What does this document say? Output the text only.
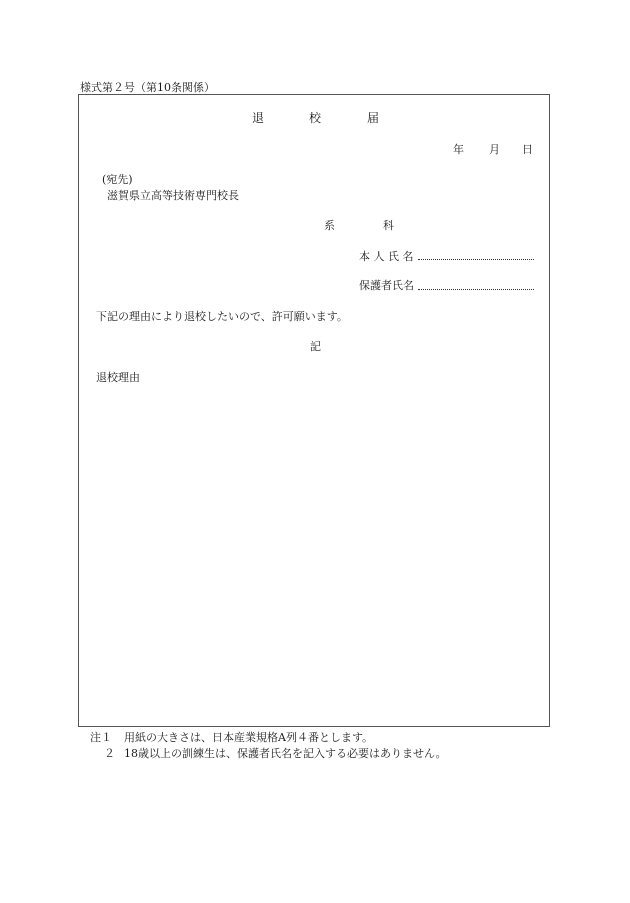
様式第２号（第10条関係）
退	校	届
年 月 日
(宛先)
滋賀県立高等技術専門校長
系	科
本 人 氏 名
保護者氏名
下記の理由により退校したいので、許可願います。
記
退校理由
注１ 用紙の大きさは、日本産業規格A列４番とします。
２ 18歳以上の訓練生は、保護者氏名を記入する必要はありません。
